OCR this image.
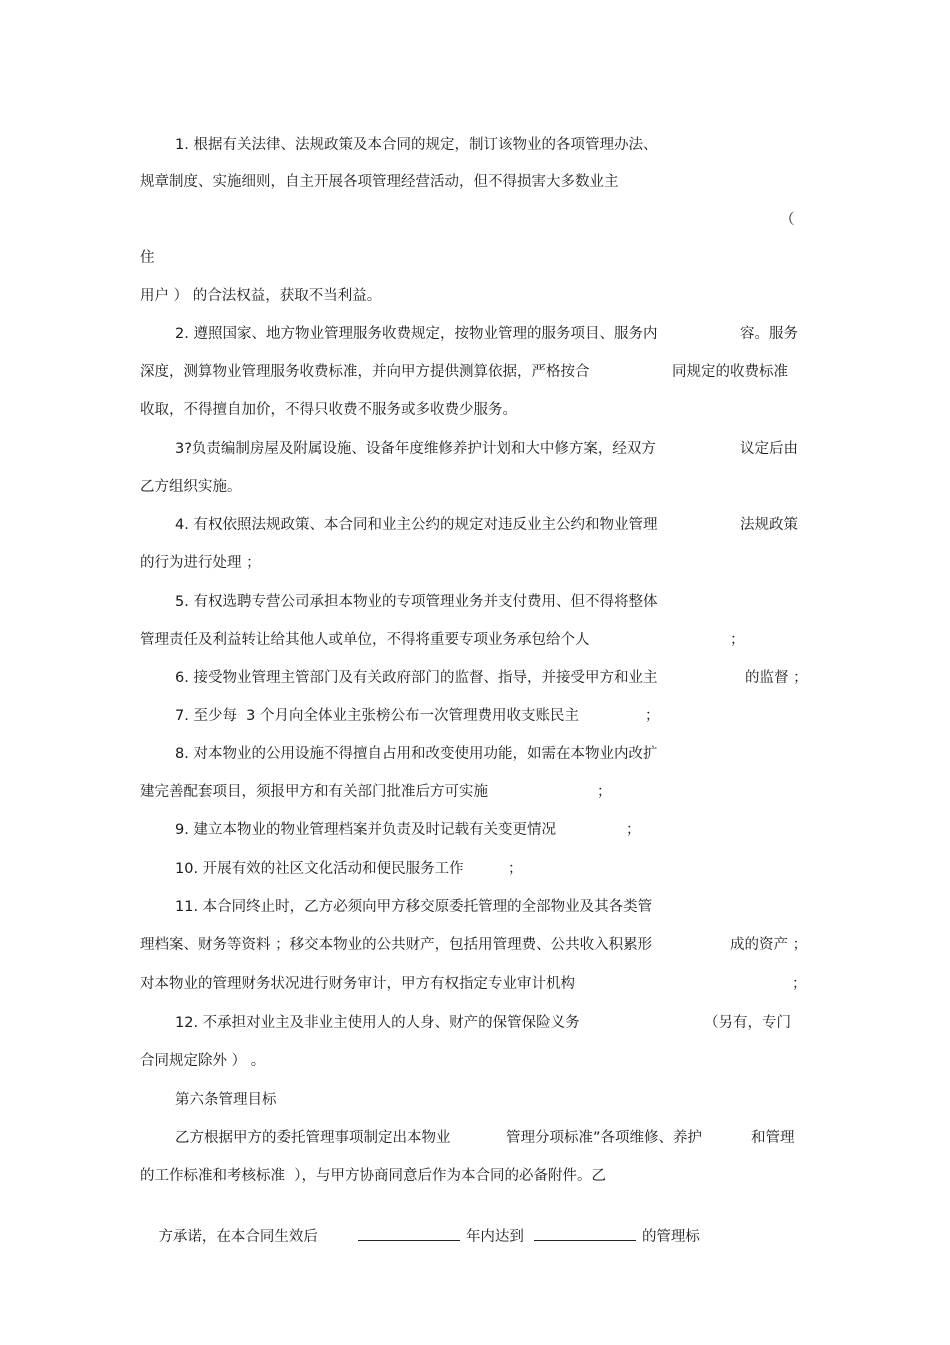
1. 根据有关法律、法规政策及本合同的规定，制订该物业的各项管理办法、
规章制度、实施细则，自主开展各项管理经营活动，但不得损害大多数业主
（
住
用户 ） 的合法权益，获取不当利益。
2. 遵照国家、地方物业管理服务收费规定，按物业管理的服务项目、服务内	容。服务
深度，测算物业管理服务收费标准，并向甲方提供测算依据，严格按合	同规定的收费标准
收取，不得擅自加价，不得只收费不服务或多收费少服务。
3?负责编制房屋及附属设施、设备年度维修养护计划和大中修方案，经双方	议定后由
乙方组织实施。
4. 有权依照法规政策、本合同和业主公约的规定对违反业主公约和物业管理	法规政策
的行为进行处理 ；
5. 有权选聘专营公司承担本物业的专项管理业务并支付费用、但不得将整体
管理责任及利益转让给其他人或单位，不得将重要专项业务承包给个人	；
6. 接受物业管理主管部门及有关政府部门的监督、指导，并接受甲方和业主	的监督 ；
7. 至少每  3 个月向全体业主张榜公布一次管理费用收支账民主	；
8. 对本物业的公用设施不得擅自占用和改变使用功能，如需在本物业内改扩
建完善配套项目，须报甲方和有关部门批准后方可实施	；
9. 建立本物业的物业管理档案并负责及时记载有关变更情况	；
10. 开展有效的社区文化活动和便民服务工作	；
11. 本合同终止时，乙方必须向甲方移交原委托管理的全部物业及其各类管
理档案、财务等资料 ；移交本物业的公共财产，包括用管理费、公共收入积累形	成的资产 ；
对本物业的管理财务状况进行财务审计，甲方有权指定专业审计机构	；
12. 不承担对业主及非业主使用人的人身、财产的保管保险义务	（另有，专门
合同规定除外 ） 。
第六条管理目标
乙方根据甲方的委托管理事项制定出本物业	管理分项标准”各项维修、养护	和管理
的工作标准和考核标准  ），与甲方协商同意后作为本合同的必备附件。乙

方承诺，在本合同生效后	年内达到	的管理标
